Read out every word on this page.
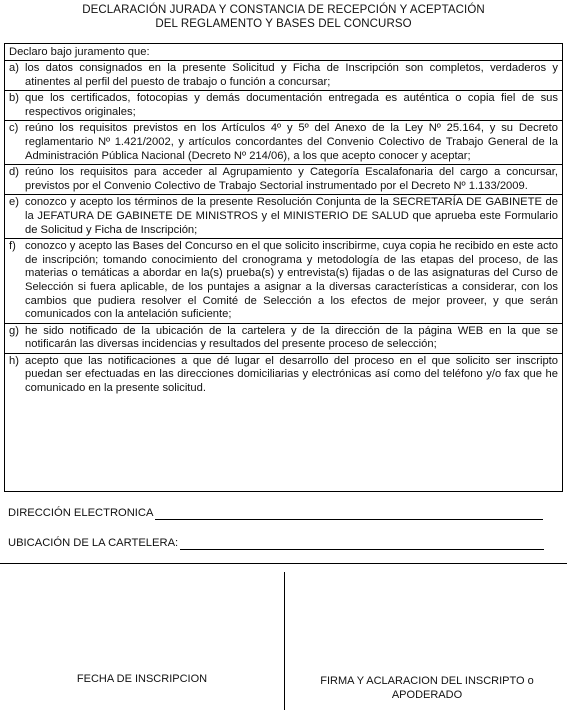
DECLARACIÓN JURADA Y CONSTANCIA DE RECEPCIÓN Y ACEPTACIÓN
DEL REGLAMENTO Y BASES DEL CONCURSO
Declaro bajo juramento que:
a) los datos consignados en la presente Solicitud y Ficha de Inscripción son completos, verdaderos y atinentes al perfil del puesto de trabajo o función a concursar;
b) que los certificados, fotocopias y demás documentación entregada es auténtica o copia fiel de sus respectivos originales;
c) reúno los requisitos previstos en los Artículos 4º y 5º del Anexo de la Ley Nº 25.164, y su Decreto reglamentario Nº 1.421/2002, y artículos concordantes del Convenio Colectivo de Trabajo General de la Administración Pública Nacional (Decreto Nº 214/06), a los que acepto conocer y aceptar;
d) reúno los requisitos para acceder al Agrupamiento y Categoría Escalafonaria del cargo a concursar, previstos por el Convenio Colectivo de Trabajo Sectorial instrumentado por el Decreto Nº 1.133/2009.
e) conozco y acepto los términos de la presente Resolución Conjunta de la SECRETARÍA DE GABINETE de la JEFATURA DE GABINETE DE MINISTROS y el MINISTERIO DE SALUD que aprueba este Formulario de Solicitud y Ficha de Inscripción;
f) conozco y acepto las Bases del Concurso en el que solicito inscribirme, cuya copia he recibido en este acto de inscripción; tomando conocimiento del cronograma y metodología de las etapas del proceso, de las materias o temáticas a abordar en la(s) prueba(s) y entrevista(s) fijadas o de las asignaturas del Curso de Selección si fuera aplicable, de los puntajes a asignar a la diversas características a considerar, con los cambios que pudiera resolver el Comité de Selección a los efectos de mejor proveer, y que serán comunicados con la antelación suficiente;
g) he sido notificado de la ubicación de la cartelera y de la dirección de la página WEB en la que se notificarán las diversas incidencias y resultados del presente proceso de selección;
h) acepto que las notificaciones a que dé lugar el desarrollo del proceso en el que solicito ser inscripto puedan ser efectuadas en las direcciones domiciliarias y electrónicas así como del teléfono y/o fax que he comunicado en la presente solicitud.
DIRECCIÓN ELECTRONICA
UBICACIÓN DE LA CARTELERA:
FECHA DE INSCRIPCION	FIRMA Y ACLARACION DEL INSCRIPTO o
APODERADO
